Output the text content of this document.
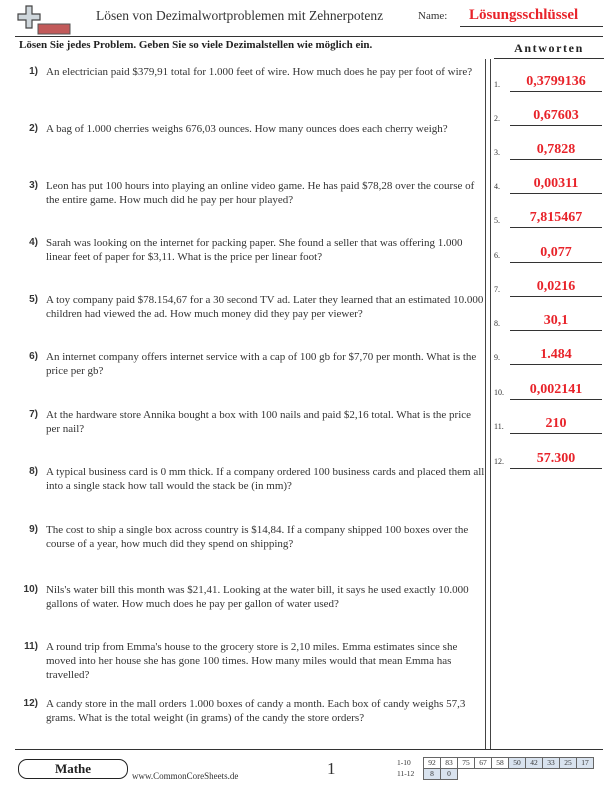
Lösen von Dezimalwortproblemen mit Zehnerpotenz	Name: Lösungsschlüssel
Lösen Sie jedes Problem. Geben Sie so viele Dezimalstellen wie möglich ein.	Antworten
1) An electrician paid $379,91 total for 1.000 feet of wire. How much does he pay per foot of wire?
2) A bag of 1.000 cherries weighs 676,03 ounces. How many ounces does each cherry weigh?
3) Leon has put 100 hours into playing an online video game. He has paid $78,28 over the course of the entire game. How much did he pay per hour played?
4) Sarah was looking on the internet for packing paper. She found a seller that was offering 1.000 linear feet of paper for $3,11. What is the price per linear foot?
5) A toy company paid $78.154,67 for a 30 second TV ad. Later they learned that an estimated 10.000 children had viewed the ad. How much money did they pay per viewer?
6) An internet company offers internet service with a cap of 100 gb for $7,70 per month. What is the price per gb?
7) At the hardware store Annika bought a box with 100 nails and paid $2,16 total. What is the price per nail?
8) A typical business card is 0 mm thick. If a company ordered 100 business cards and placed them all into a single stack how tall would the stack be (in mm)?
9) The cost to ship a single box across country is $14,84. If a company shipped 100 boxes over the course of a year, how much did they spend on shipping?
10) Nils's water bill this month was $21,41. Looking at the water bill, it says he used exactly 10.000 gallons of water. How much does he pay per gallon of water used?
11) A round trip from Emma's house to the grocery store is 2,10 miles. Emma estimates since she moved into her house she has gone 100 times. How many miles would that mean Emma has travelled?
12) A candy store in the mall orders 1.000 boxes of candy a month. Each box of candy weighs 57,3 grams. What is the total weight (in grams) of the candy the store orders?
1.	0,3799136
2.	0,67603
3.	0,7828
4.	0,00311
5.	7,815467
6.	0,077
7.	0,0216
8.	30,1
9.	1.484
10.	0,002141
11.	210
12.	57.300
Mathe	www.CommonCoreSheets.de	1	1-10	92	83	75	67	58	50	42	33	25	17
11-12	8	0								
